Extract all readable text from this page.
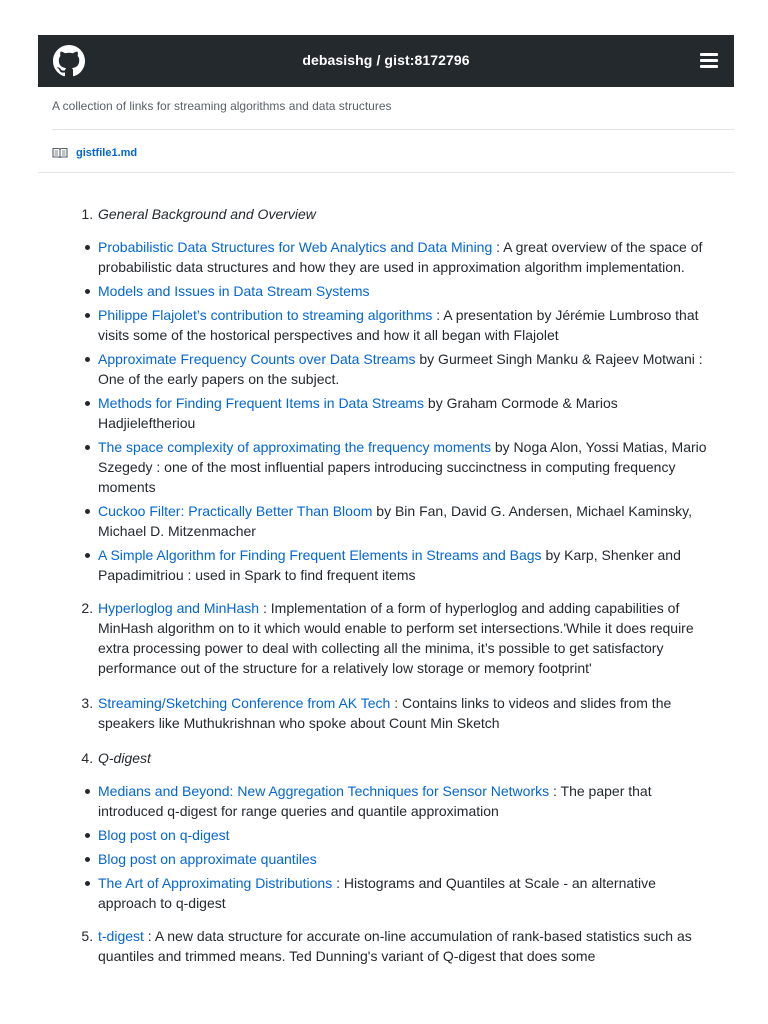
debasishg / gist:8172796
A collection of links for streaming algorithms and data structures
gistfile1.md
1. General Background and Overview
Probabilistic Data Structures for Web Analytics and Data Mining : A great overview of the space of probabilistic data structures and how they are used in approximation algorithm implementation.
Models and Issues in Data Stream Systems
Philippe Flajolet’s contribution to streaming algorithms : A presentation by Jérémie Lumbroso that visits some of the hostorical perspectives and how it all began with Flajolet
Approximate Frequency Counts over Data Streams by Gurmeet Singh Manku & Rajeev Motwani : One of the early papers on the subject.
Methods for Finding Frequent Items in Data Streams by Graham Cormode & Marios Hadjieleftheriou
The space complexity of approximating the frequency moments by Noga Alon, Yossi Matias, Mario Szegedy : one of the most influential papers introducing succinctness in computing frequency moments
Cuckoo Filter: Practically Better Than Bloom by Bin Fan, David G. Andersen, Michael Kaminsky, Michael D. Mitzenmacher
A Simple Algorithm for Finding Frequent Elements in Streams and Bags by Karp, Shenker and Papadimitriou : used in Spark to find frequent items
2. Hyperloglog and MinHash : Implementation of a form of hyperloglog and adding capabilities of MinHash algorithm on to it which would enable to perform set intersections.'While it does require extra processing power to deal with collecting all the minima, it’s possible to get satisfactory performance out of the structure for a relatively low storage or memory footprint'
3. Streaming/Sketching Conference from AK Tech : Contains links to videos and slides from the speakers like Muthukrishnan who spoke about Count Min Sketch
4. Q-digest
Medians and Beyond: New Aggregation Techniques for Sensor Networks : The paper that introduced q-digest for range queries and quantile approximation
Blog post on q-digest
Blog post on approximate quantiles
The Art of Approximating Distributions : Histograms and Quantiles at Scale - an alternative approach to q-digest
5. t-digest : A new data structure for accurate on-line accumulation of rank-based statistics such as quantiles and trimmed means. Ted Dunning's variant of Q-digest that does some
